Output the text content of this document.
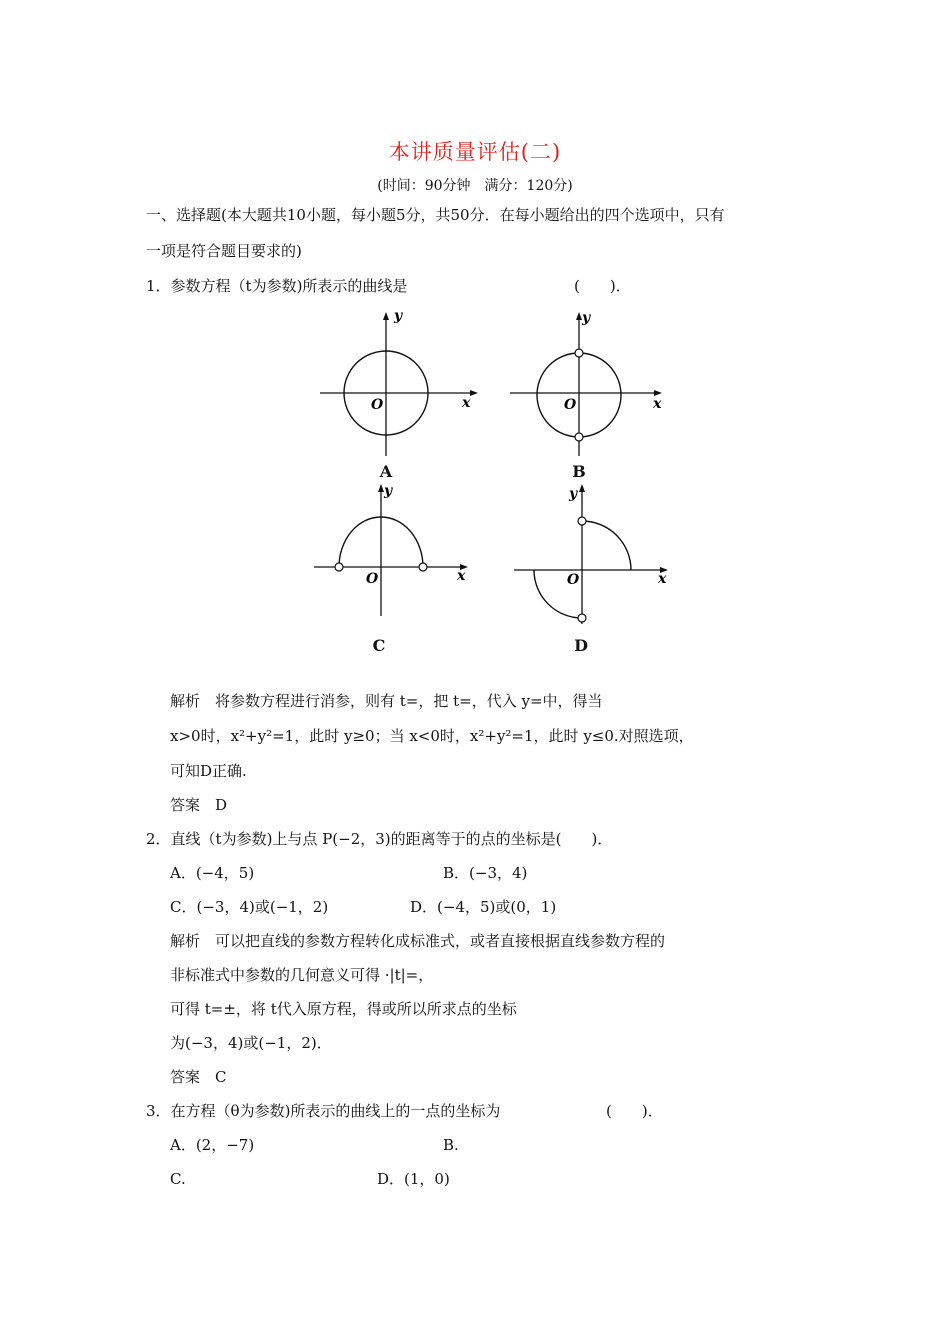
本讲质量评估(二)
(时间：90分钟　满分：120分)
一、选择题(本大题共10小题，每小题5分，共50分．在每小题给出的四个选项中，只有
一项是符合题目要求的)
1．参数方程（t为参数)所表示的曲线是	(　　)．
y
x
O
A
y
x
O
B
y
x
O
C
y
x
O
D
解析　将参数方程进行消参，则有 t=，把 t=，代入 y=中，得当
x>0时，x²+y²=1，此时 y≥0；当 x<0时，x²+y²=1，此时 y≤0.对照选项，
可知D正确.
答案　D
2．直线（t为参数)上与点 P(−2，3)的距离等于的点的坐标是(　　)．
A．(−4，5)	B．(−3，4)
C．(−3，4)或(−1，2)	D．(−4，5)或(0，1)
解析　可以把直线的参数方程转化成标准式，或者直接根据直线参数方程的
非标准式中参数的几何意义可得 ·|t|=，
可得 t=±，将 t代入原方程，得或所以所求点的坐标
为(−3，4)或(−1，2)．
答案　C
3．在方程（θ为参数)所表示的曲线上的一点的坐标为	(　　)．
A．(2，−7)	B.
C.	D．(1，0)
